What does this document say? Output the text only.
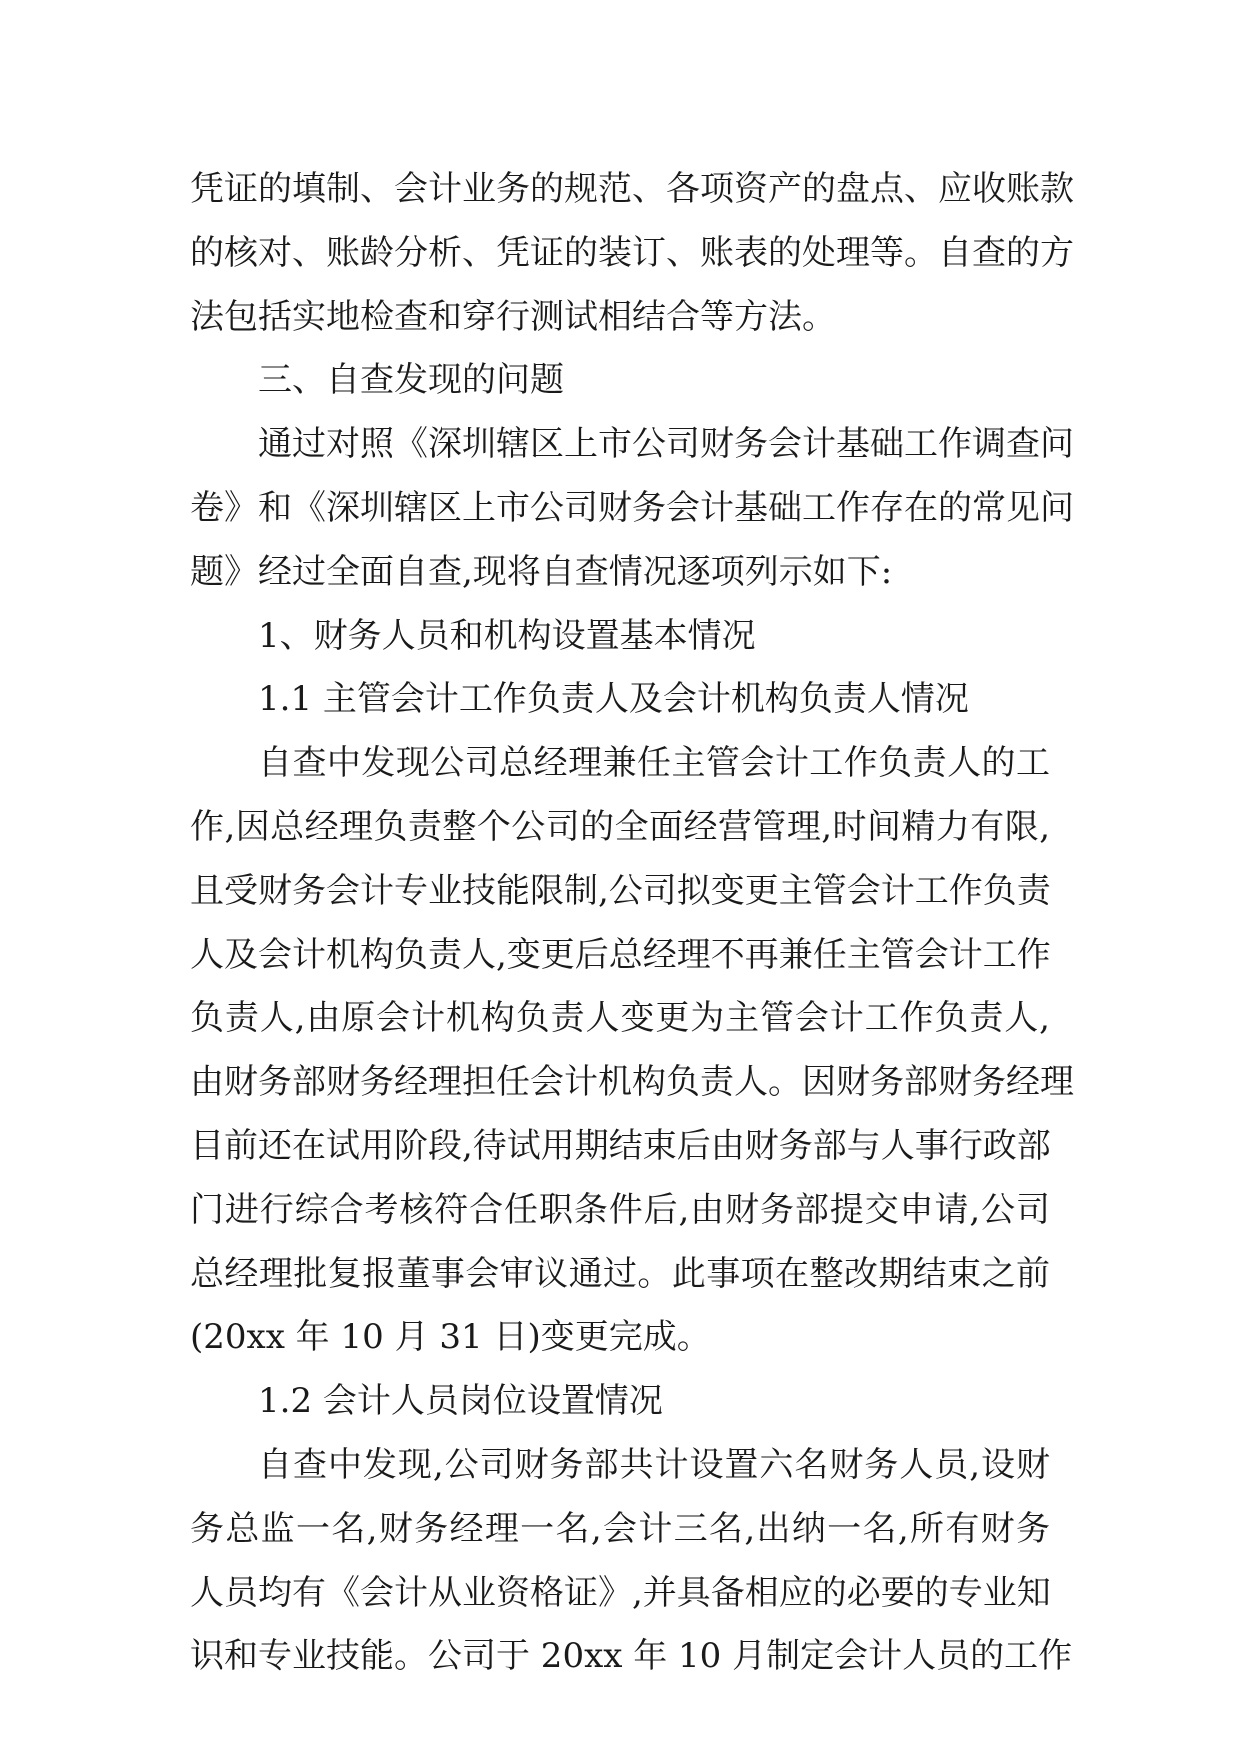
凭证的填制、会计业务的规范、各项资产的盘点、应收账款
的核对、账龄分析、凭证的装订、账表的处理等。自查的方
法包括实地检查和穿行测试相结合等方法。
三、自查发现的问题
通过对照《深圳辖区上市公司财务会计基础工作调查问
卷》和《深圳辖区上市公司财务会计基础工作存在的常见问
题》经过全面自查,现将自查情况逐项列示如下:
1、财务人员和机构设置基本情况
1.1 主管会计工作负责人及会计机构负责人情况
自查中发现公司总经理兼任主管会计工作负责人的工
作,因总经理负责整个公司的全面经营管理,时间精力有限,
且受财务会计专业技能限制,公司拟变更主管会计工作负责
人及会计机构负责人,变更后总经理不再兼任主管会计工作
负责人,由原会计机构负责人变更为主管会计工作负责人,
由财务部财务经理担任会计机构负责人。因财务部财务经理
目前还在试用阶段,待试用期结束后由财务部与人事行政部
门进行综合考核符合任职条件后,由财务部提交申请,公司
总经理批复报董事会审议通过。此事项在整改期结束之前
(20xx 年 10 月 31 日)变更完成。
1.2 会计人员岗位设置情况
自查中发现,公司财务部共计设置六名财务人员,设财
务总监一名,财务经理一名,会计三名,出纳一名,所有财务
人员均有《会计从业资格证》,并具备相应的必要的专业知
识和专业技能。公司于 20xx 年 10 月制定会计人员的工作
